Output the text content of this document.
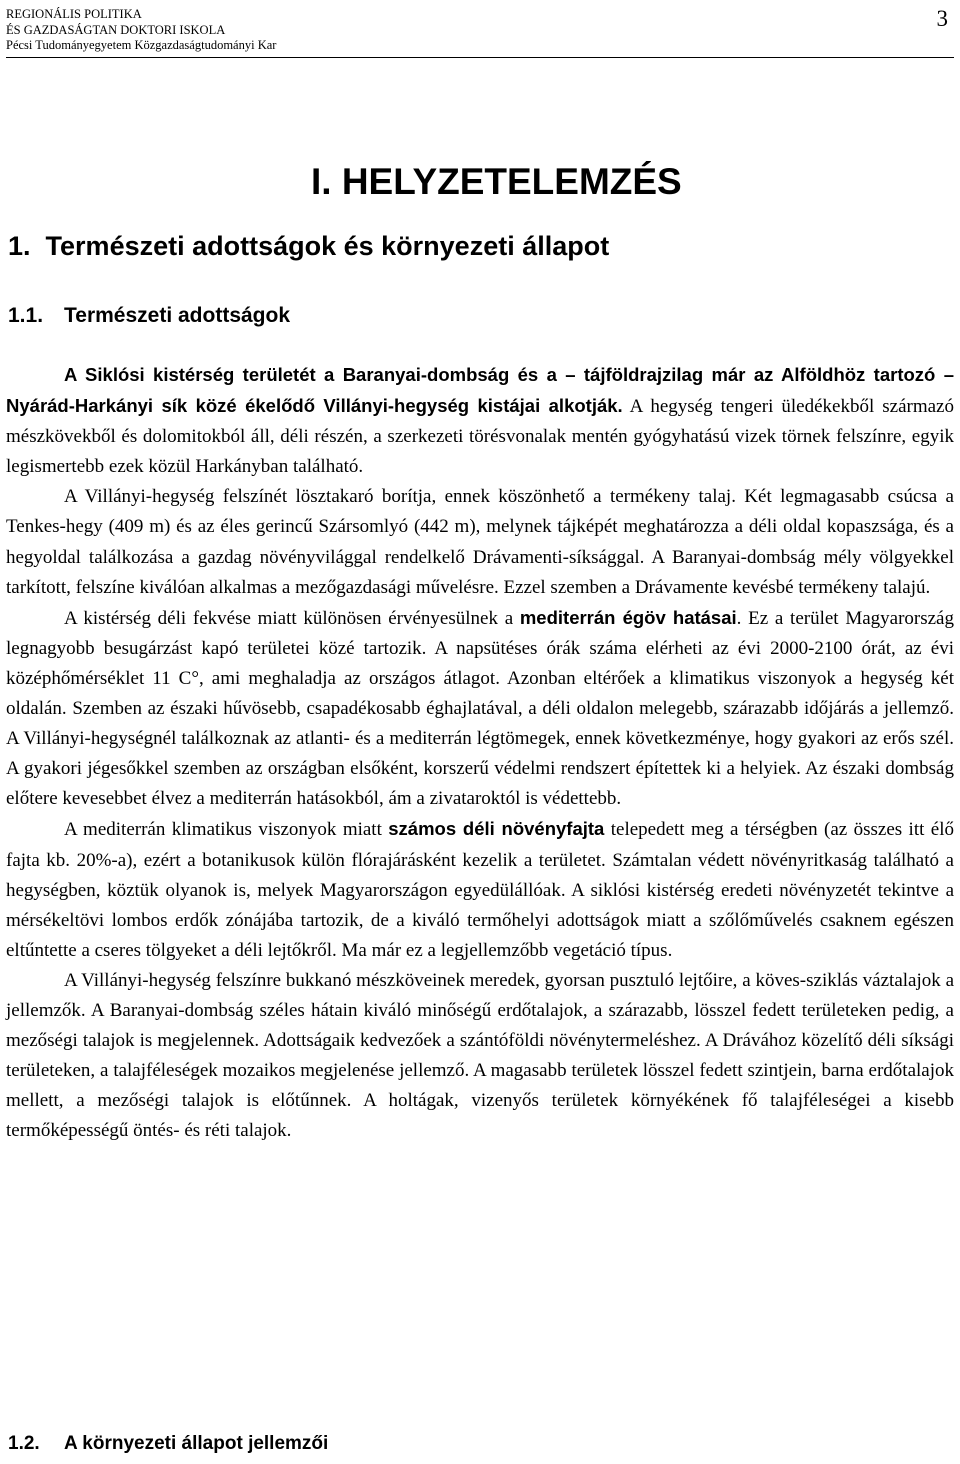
REGIONÁLIS POLITIKA
ÉS GAZDASÁGTAN DOKTORI ISKOLA
Pécsi Tudományegyetem Közgazdaságtudományi Kar
3
I. HELYZETELEMZÉS
1. Természeti adottságok és környezeti állapot
1.1. Természeti adottságok

A Siklósi kistérség területét a Baranyai-dombság és a – tájföldrajzilag már az Alföldhöz tartozó – Nyárád-Harkányi sík közé ékelődő Villányi-hegység kistájai alkotják. A hegység tengeri üledékekből származó mészkövekből és dolomitokból áll, déli részén, a szerkezeti törésvonalak mentén gyógyhatású vizek törnek felszínre, egyik legismertebb ezek közül Harkányban található.

A Villányi-hegység felszínét lösztakaró borítja, ennek köszönhető a termékeny talaj. Két legmagasabb csúcsa a Tenkes-hegy (409 m) és az éles gerincű Szársomlyó (442 m), melynek tájképét meghatározza a déli oldal kopaszsága, és a hegyoldal találkozása a gazdag növényvilággal rendelkelő Drávamenti-síksággal. A Baranyai-dombság mély völgyekkel tarkított, felszíne kiválóan alkalmas a mezőgazdasági művelésre. Ezzel szemben a Drávamente kevésbé termékeny talajú.

A kistérség déli fekvése miatt különösen érvényesülnek a mediterrán égöv hatásai. Ez a terület Magyarország legnagyobb besugárzást kapó területei közé tartozik. A napsütéses órák száma elérheti az évi 2000-2100 órát, az évi középhőmérséklet 11 C°, ami meghaladja az országos átlagot. Azonban eltérőek a klimatikus viszonyok a hegység két oldalán. Szemben az északi hűvösebb, csapadékosabb éghajlatával, a déli oldalon melegebb, szárazabb időjárás a jellemző. A Villányi-hegységnél találkoznak az atlanti- és a mediterrán légtömegek, ennek következménye, hogy gyakori az erős szél. A gyakori jégesőkkel szemben az országban elsőként, korszerű védelmi rendszert építettek ki a helyiek. Az északi dombság előtere kevesebbet élvez a mediterrán hatásokból, ám a zivataroktól is védettebb.

A mediterrán klimatikus viszonyok miatt számos déli növényfajta telepedett meg a térségben (az összes itt élő fajta kb. 20%-a), ezért a botanikusok külön flórajárásként kezelik a területet. Számtalan védett növényritkaság található a hegységben, köztük olyanok is, melyek Magyarországon egyedülállóak. A siklósi kistérség eredeti növényzetét tekintve a mérsékeltövi lombos erdők zónájába tartozik, de a kiváló termőhelyi adottságok miatt a szőlőművelés csaknem egészen eltűntette a cseres tölgyeket a déli lejtőkről. Ma már ez a legjellemzőbb vegetáció típus.

A Villányi-hegység felszínre bukkanó mészköveinek meredek, gyorsan pusztuló lejtőire, a köves-sziklás váztalajok a jellemzők. A Baranyai-dombság széles hátain kiváló minőségű erdőtalajok, a szárazabb, lösszel fedett területeken pedig, a mezőségi talajok is megjelennek. Adottságaik kedvezőek a szántóföldi növénytermeléshez. A Drávához közelítő déli síksági területeken, a talajféleségek mozaikos megjelenése jellemző. A magasabb területek lösszel fedett szintjein, barna erdőtalajok mellett, a mezőségi talajok is előtűnnek. A holtágak, vizenyős területek környékének fő talajféleségei a kisebb termőképességű öntés- és réti talajok.

1.2. A környezeti állapot jellemzői
